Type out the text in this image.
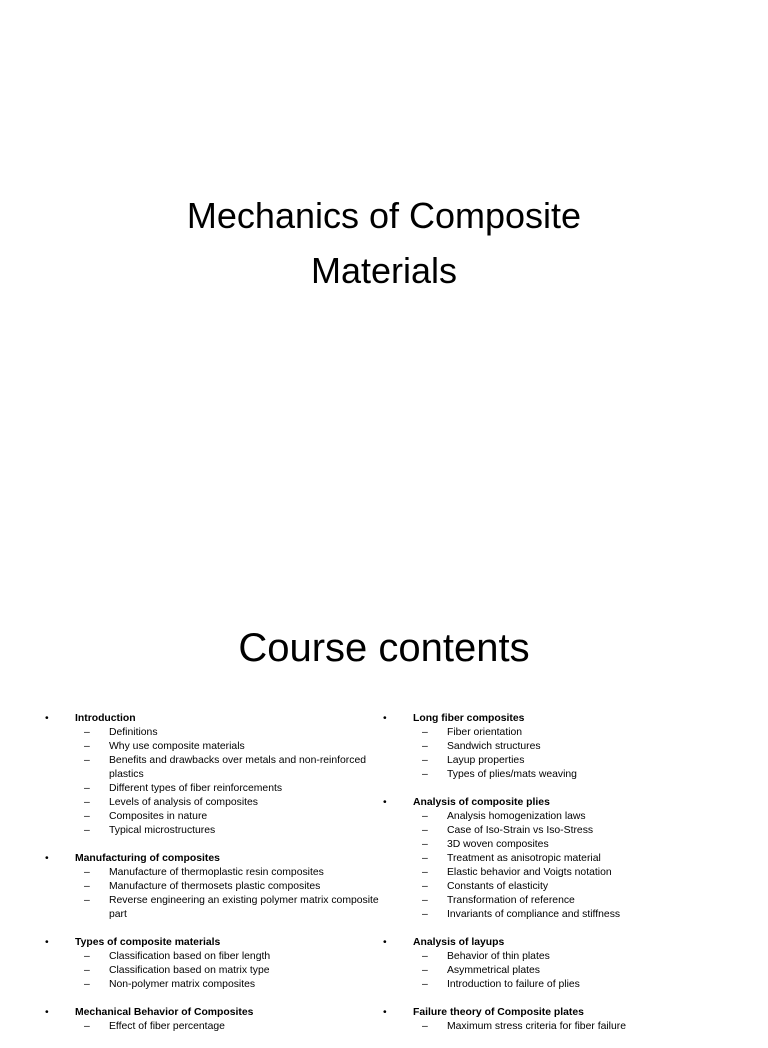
Mechanics of Composite
Materials
Course contents
•	Introduction
– Definitions
– Why use composite materials
– Benefits and drawbacks over metals and non-reinforced plastics
– Different types of fiber reinforcements
– Levels of analysis of composites
– Composites in nature
– Typical microstructures
•	Manufacturing of composites
– Manufacture of thermoplastic resin composites
– Manufacture of thermosets plastic composites
– Reverse engineering an existing polymer matrix composite part
•	Types of composite materials
– Classification based on fiber length
– Classification based on matrix type
– Non-polymer matrix composites
•	Mechanical Behavior of Composites
– Effect of fiber percentage
•	Long fiber composites
– Fiber orientation
– Sandwich structures
– Layup properties
– Types of plies/mats weaving
•	Analysis of composite plies
– Analysis homogenization laws
– Case of Iso-Strain vs Iso-Stress
– 3D woven composites
– Treatment as anisotropic material
– Elastic behavior and Voigts notation
– Constants of elasticity
– Transformation of reference
– Invariants of compliance and stiffness
•	Analysis of layups
– Behavior of thin plates
– Asymmetrical plates
– Introduction to failure of plies
•	Failure theory of Composite plates
– Maximum stress criteria for fiber failure
